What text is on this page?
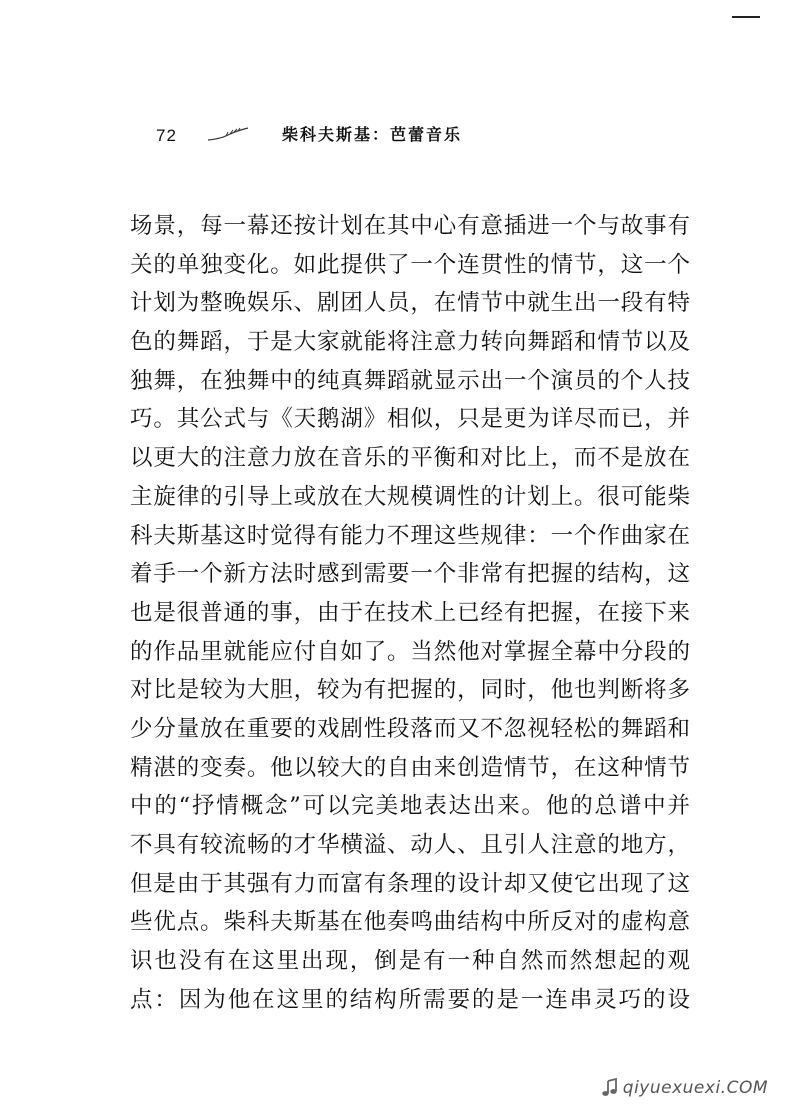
72	柴科夫斯基：芭蕾音乐
场景，每一幕还按计划在其中心有意插进一个与故事有
关的单独变化。如此提供了一个连贯性的情节，这一个
计划为整晚娱乐、剧团人员，在情节中就生出一段有特
色的舞蹈，于是大家就能将注意力转向舞蹈和情节以及
独舞，在独舞中的纯真舞蹈就显示出一个演员的个人技
巧。其公式与《天鹅湖》相似，只是更为详尽而已，并
以更大的注意力放在音乐的平衡和对比上，而不是放在
主旋律的引导上或放在大规模调性的计划上。很可能柴
科夫斯基这时觉得有能力不理这些规律：一个作曲家在
着手一个新方法时感到需要一个非常有把握的结构，这
也是很普通的事，由于在技术上已经有把握，在接下来
的作品里就能应付自如了。当然他对掌握全幕中分段的
对比是较为大胆，较为有把握的，同时，他也判断将多
少分量放在重要的戏剧性段落而又不忽视轻松的舞蹈和
精湛的变奏。他以较大的自由来创造情节，在这种情节
中的“抒情概念”可以完美地表达出来。他的总谱中并
不具有较流畅的才华横溢、动人、且引人注意的地方，
但是由于其强有力而富有条理的设计却又使它出现了这
些优点。柴科夫斯基在他奏鸣曲结构中所反对的虚构意
识也没有在这里出现，倒是有一种自然而然想起的观
点：因为他在这里的结构所需要的是一连串灵巧的设
qiyuexuexi.COM
